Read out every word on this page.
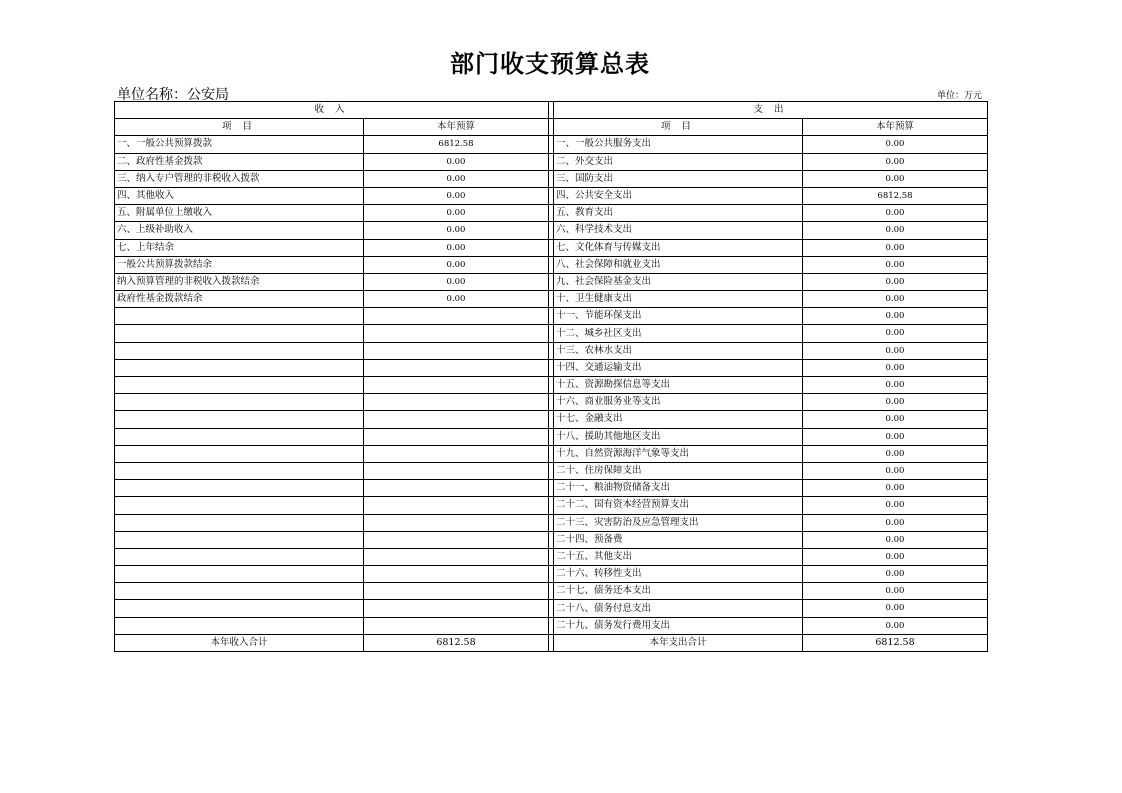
部门收支预算总表
单位名称：公安局	单位：万元
收 入			支 出	
项 目	本年预算		项 目	本年预算
一、一般公共预算拨款	6812.58		一、一般公共服务支出	0.00
二、政府性基金拨款	0.00		二、外交支出	0.00
三、纳入专户管理的非税收入拨款	0.00		三、国防支出	0.00
四、其他收入	0.00		四、公共安全支出	6812.58
五、附属单位上缴收入	0.00		五、教育支出	0.00
六、上级补助收入	0.00		六、科学技术支出	0.00
七、上年结余	0.00		七、文化体育与传媒支出	0.00
一般公共预算拨款结余	0.00		八、社会保障和就业支出	0.00
纳入预算管理的非税收入拨款结余	0.00		九、社会保险基金支出	0.00
政府性基金拨款结余	0.00		十、卫生健康支出	0.00
			十一、节能环保支出	0.00
			十二、城乡社区支出	0.00
			十三、农林水支出	0.00
			十四、交通运输支出	0.00
			十五、资源勘探信息等支出	0.00
			十六、商业服务业等支出	0.00
			十七、金融支出	0.00
			十八、援助其他地区支出	0.00
			十九、自然资源海洋气象等支出	0.00
			二十、住房保障支出	0.00
			二十一、粮油物资储备支出	0.00
			二十二、国有资本经营预算支出	0.00
			二十三、灾害防治及应急管理支出	0.00
			二十四、预备费	0.00
			二十五、其他支出	0.00
			二十六、转移性支出	0.00
			二十七、债务还本支出	0.00
			二十八、债务付息支出	0.00
			二十九、债务发行费用支出	0.00
本年收入合计	6812.58		本年支出合计	6812.58
